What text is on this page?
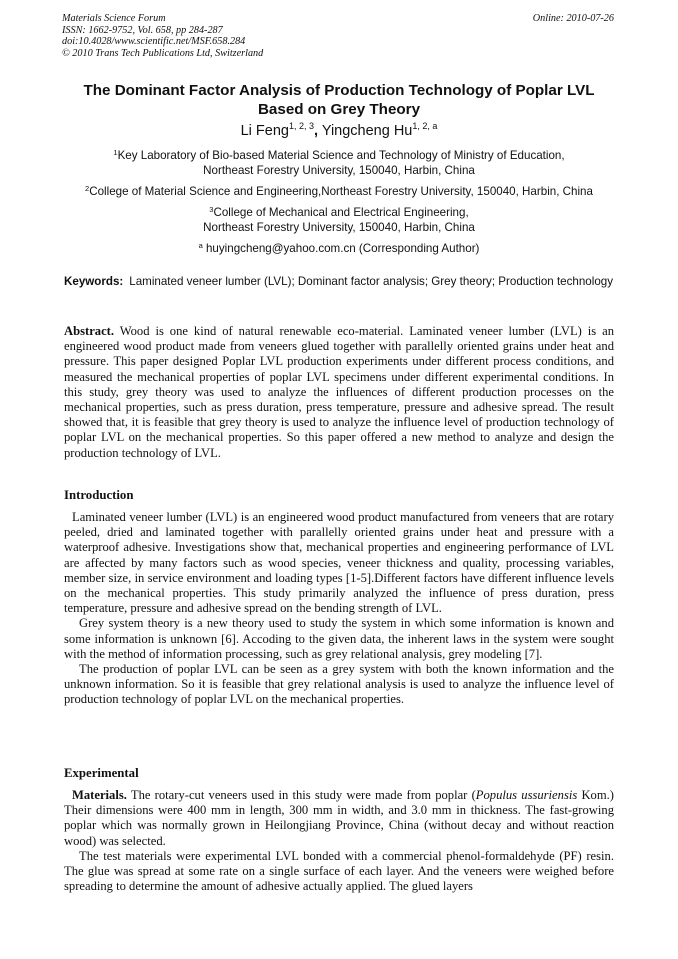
Materials Science Forum
ISSN: 1662-9752, Vol. 658, pp 284-287
doi:10.4028/www.scientific.net/MSF.658.284
© 2010 Trans Tech Publications Ltd, Switzerland
Online: 2010-07-26
The Dominant Factor Analysis of Production Technology of Poplar LVL
Based on Grey Theory
Li Feng$^{1, 2, 3}$, Yingcheng Hu$^{1, 2, a}$
$^1$Key Laboratory of Bio-based Material Science and Technology of Ministry of Education,
Northeast Forestry University, 150040, Harbin, China
$^2$College of Material Science and Engineering,Northeast Forestry University, 150040, Harbin, China
$^3$College of Mechanical and Electrical Engineering,
Northeast Forestry University, 150040, Harbin, China
$^a$ huyingcheng@yahoo.com.cn (Corresponding Author)
Keywords: Laminated veneer lumber (LVL); Dominant factor analysis; Grey theory; Production technology

Abstract. Wood is one kind of natural renewable eco-material. Laminated veneer lumber (LVL) is an engineered wood product made from veneers glued together with parallelly oriented grains under heat and pressure. This paper designed Poplar LVL production experiments under different process conditions, and measured the mechanical properties of poplar LVL specimens under different experimental conditions. In this study, grey theory was used to analyze the influences of different production processes on the mechanical properties, such as press duration, press temperature, pressure and adhesive spread. The result showed that, it is feasible that grey theory is used to analyze the influence level of production technology of poplar LVL on the mechanical properties. So this paper offered a new method to analyze and design the production technology of LVL.

Introduction

Laminated veneer lumber (LVL) is an engineered wood product manufactured from veneers that are rotary peeled, dried and laminated together with parallelly oriented grains under heat and pressure with a waterproof adhesive. Investigations show that, mechanical properties and engineering performance of LVL are affected by many factors such as wood species, veneer thickness and quality, processing variables, member size, in service environment and loading types [1-5].Different factors have different influence levels on the mechanical properties. This study primarily analyzed the influence of press duration, press temperature, pressure and adhesive spread on the bending strength of LVL.

Grey system theory is a new theory used to study the system in which some information is known and some information is unknown [6]. Accoding to the given data, the inherent laws in the system were sought with the method of information processing, such as grey relational analysis, grey modeling [7].

The production of poplar LVL can be seen as a grey system with both the known information and the unknown information. So it is feasible that grey relational analysis is used to analyze the influence level of production technology of poplar LVL on the mechanical properties.

Experimental

Materials. The rotary-cut veneers used in this study were made from poplar (Populus ussuriensis Kom.) Their dimensions were 400 mm in length, 300 mm in width, and 3.0 mm in thickness. The fast-growing poplar which was normally grown in Heilongjiang Province, China (without decay and without reaction wood) was selected.

The test materials were experimental LVL bonded with a commercial phenol-formaldehyde (PF) resin. The glue was spread at some rate on a single surface of each layer. And the veneers were weighed before spreading to determine the amount of adhesive actually applied. The glued layers
